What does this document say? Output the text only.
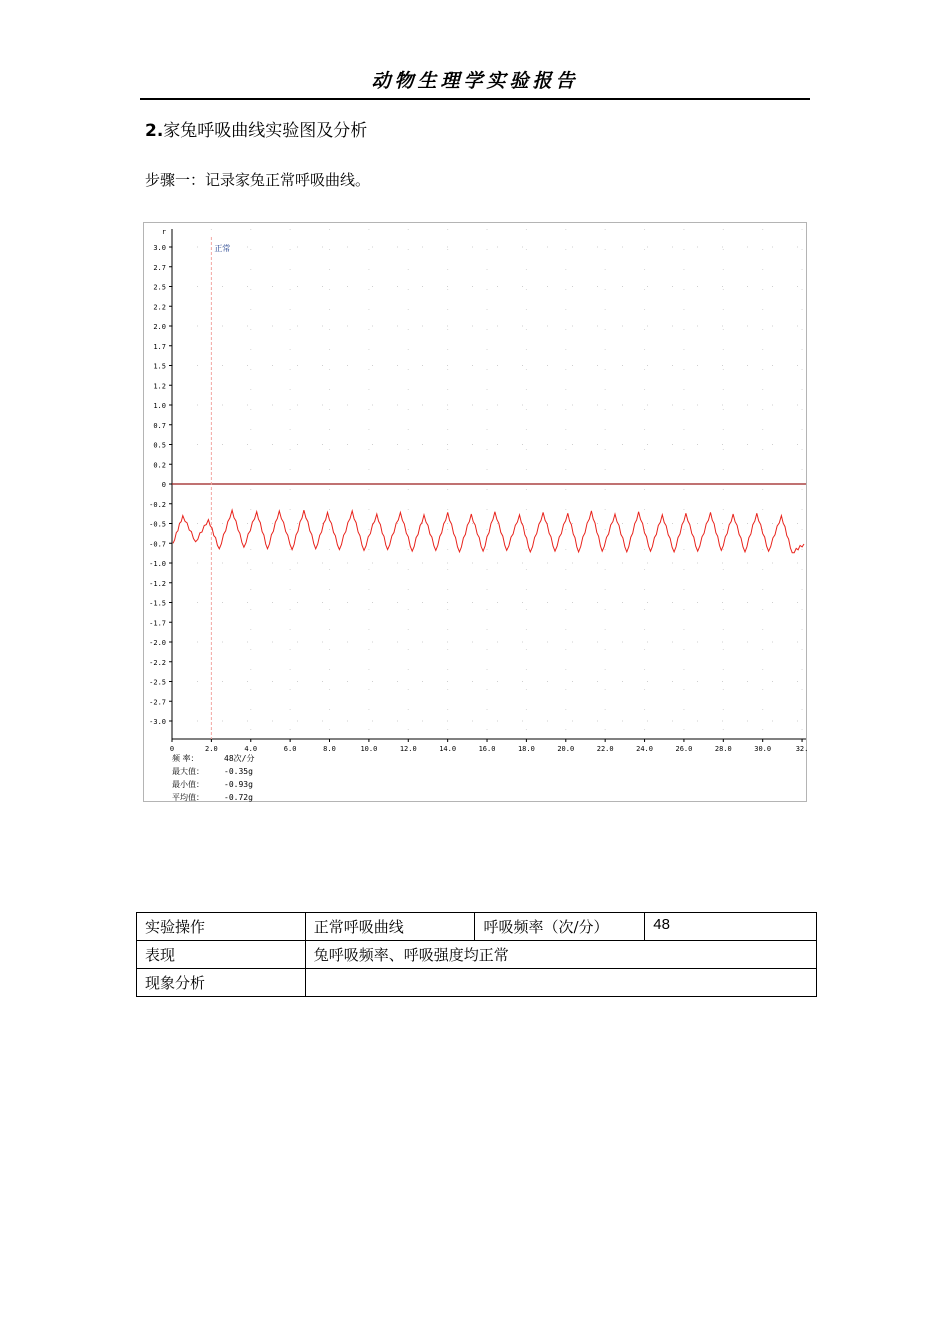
动物生理学实验报告
2.家兔呼吸曲线实验图及分析
步骤一：记录家兔正常呼吸曲线。
r
3.0
2.7
2.5
2.2
2.0
1.7
1.5
1.2
1.0
0.7
0.5
0.2
0
-0.2
-0.5
-0.7
-1.0
-1.2
-1.5
-1.7
-2.0
-2.2
-2.5
-2.7
-3.0
0	2.0	4.0	6.0	8.0	10.0	12.0	14.0	16.0	18.0	20.0	22.0	24.0	26.0	28.0	30.0	32.
正常
频 率：	48次/分
最大值：	-0.35g
最小值：	-0.93g
平均值：	-0.72g
实验操作	正常呼吸曲线	呼吸频率（次/分）	48
表现	兔呼吸频率、呼吸强度均正常		
现象分析			
